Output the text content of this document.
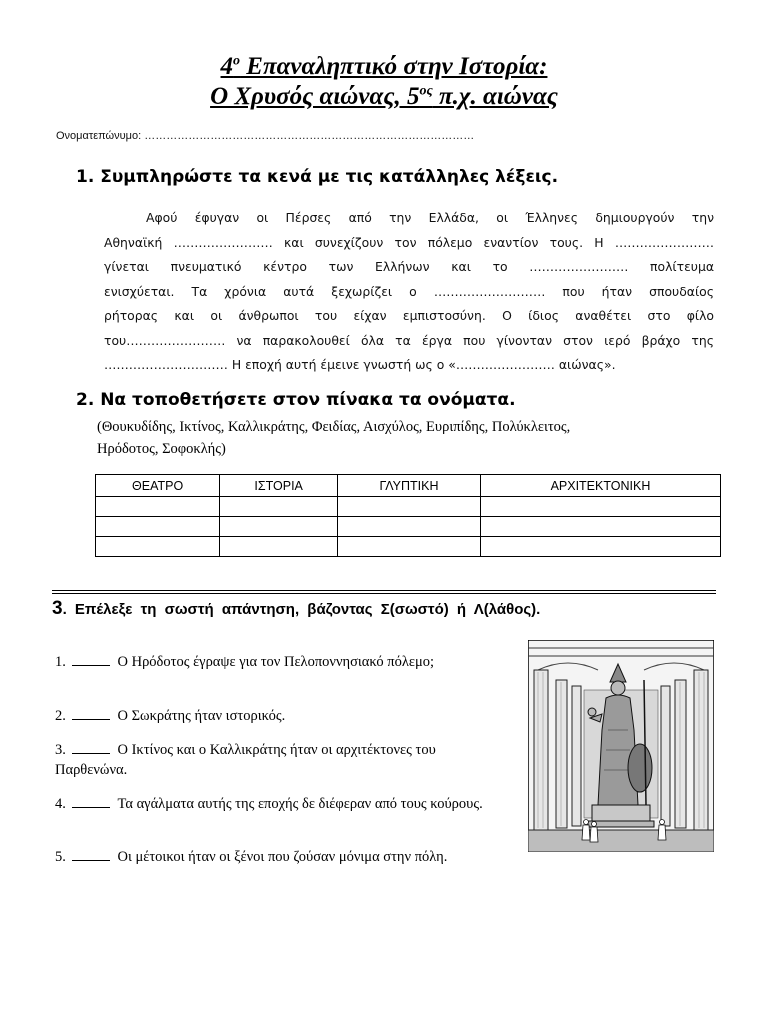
$4^o$ Επαναληπτικό στην Ιστορία:
Ο Χρυσός αιώνας, $5^{o\varsigma}$ π.χ. αιώνας
Ονοματεπώνυμο: ………………………………………………………………………………
1. Συμπληρώστε τα κενά με τις κατάλληλες λέξεις.
Αφού έφυγαν οι Πέρσες από την Ελλάδα, οι Έλληνες δημιουργούν την
Αθηναϊκή …………………… και συνεχίζουν τον πόλεμο εναντίον τους. Η ……………………
γίνεται πνευματικό κέντρο των Ελλήνων και το …………………… πολίτευμα
ενισχύεται. Τα χρόνια αυτά ξεχωρίζει ο ……………………… που ήταν σπουδαίος
ρήτορας και οι άνθρωποι του είχαν εμπιστοσύνη. Ο ίδιος αναθέτει στο φίλο
του…………………… να παρακολουθεί όλα τα έργα που γίνονταν στον ιερό βράχο της
………………………… Η εποχή αυτή έμεινε γνωστή ως ο «…………………… αιώνας».
2. Να τοποθετήσετε στον πίνακα τα ονόματα.
(Θουκυδίδης, Ικτίνος, Καλλικράτης, Φειδίας, Αισχύλος, Ευριπίδης, Πολύκλειτος,
Ηρόδοτος, Σοφοκλής)
ΘΕΑΤΡΟ	ΙΣΤΟΡΙΑ	ΓΛΥΠΤΙΚΗ	ΑΡΧΙΤΕΚΤΟΝΙΚΗ

3. Επέλεξε τη σωστή απάντηση, βάζοντας Σ(σωστό) ή Λ(λάθος).
1.	Ο Ηρόδοτος έγραψε για τον Πελοποννησιακό πόλεμο;
2.	Ο Σωκράτης ήταν ιστορικός.
3.	Ο Ικτίνος και ο Καλλικράτης ήταν οι αρχιτέκτονες του Παρθενώνα.
4.	Τα αγάλματα αυτής της εποχής δε διέφεραν από τους κούρους.
5.	Οι μέτοικοι ήταν οι ξένοι που ζούσαν μόνιμα στην πόλη.
